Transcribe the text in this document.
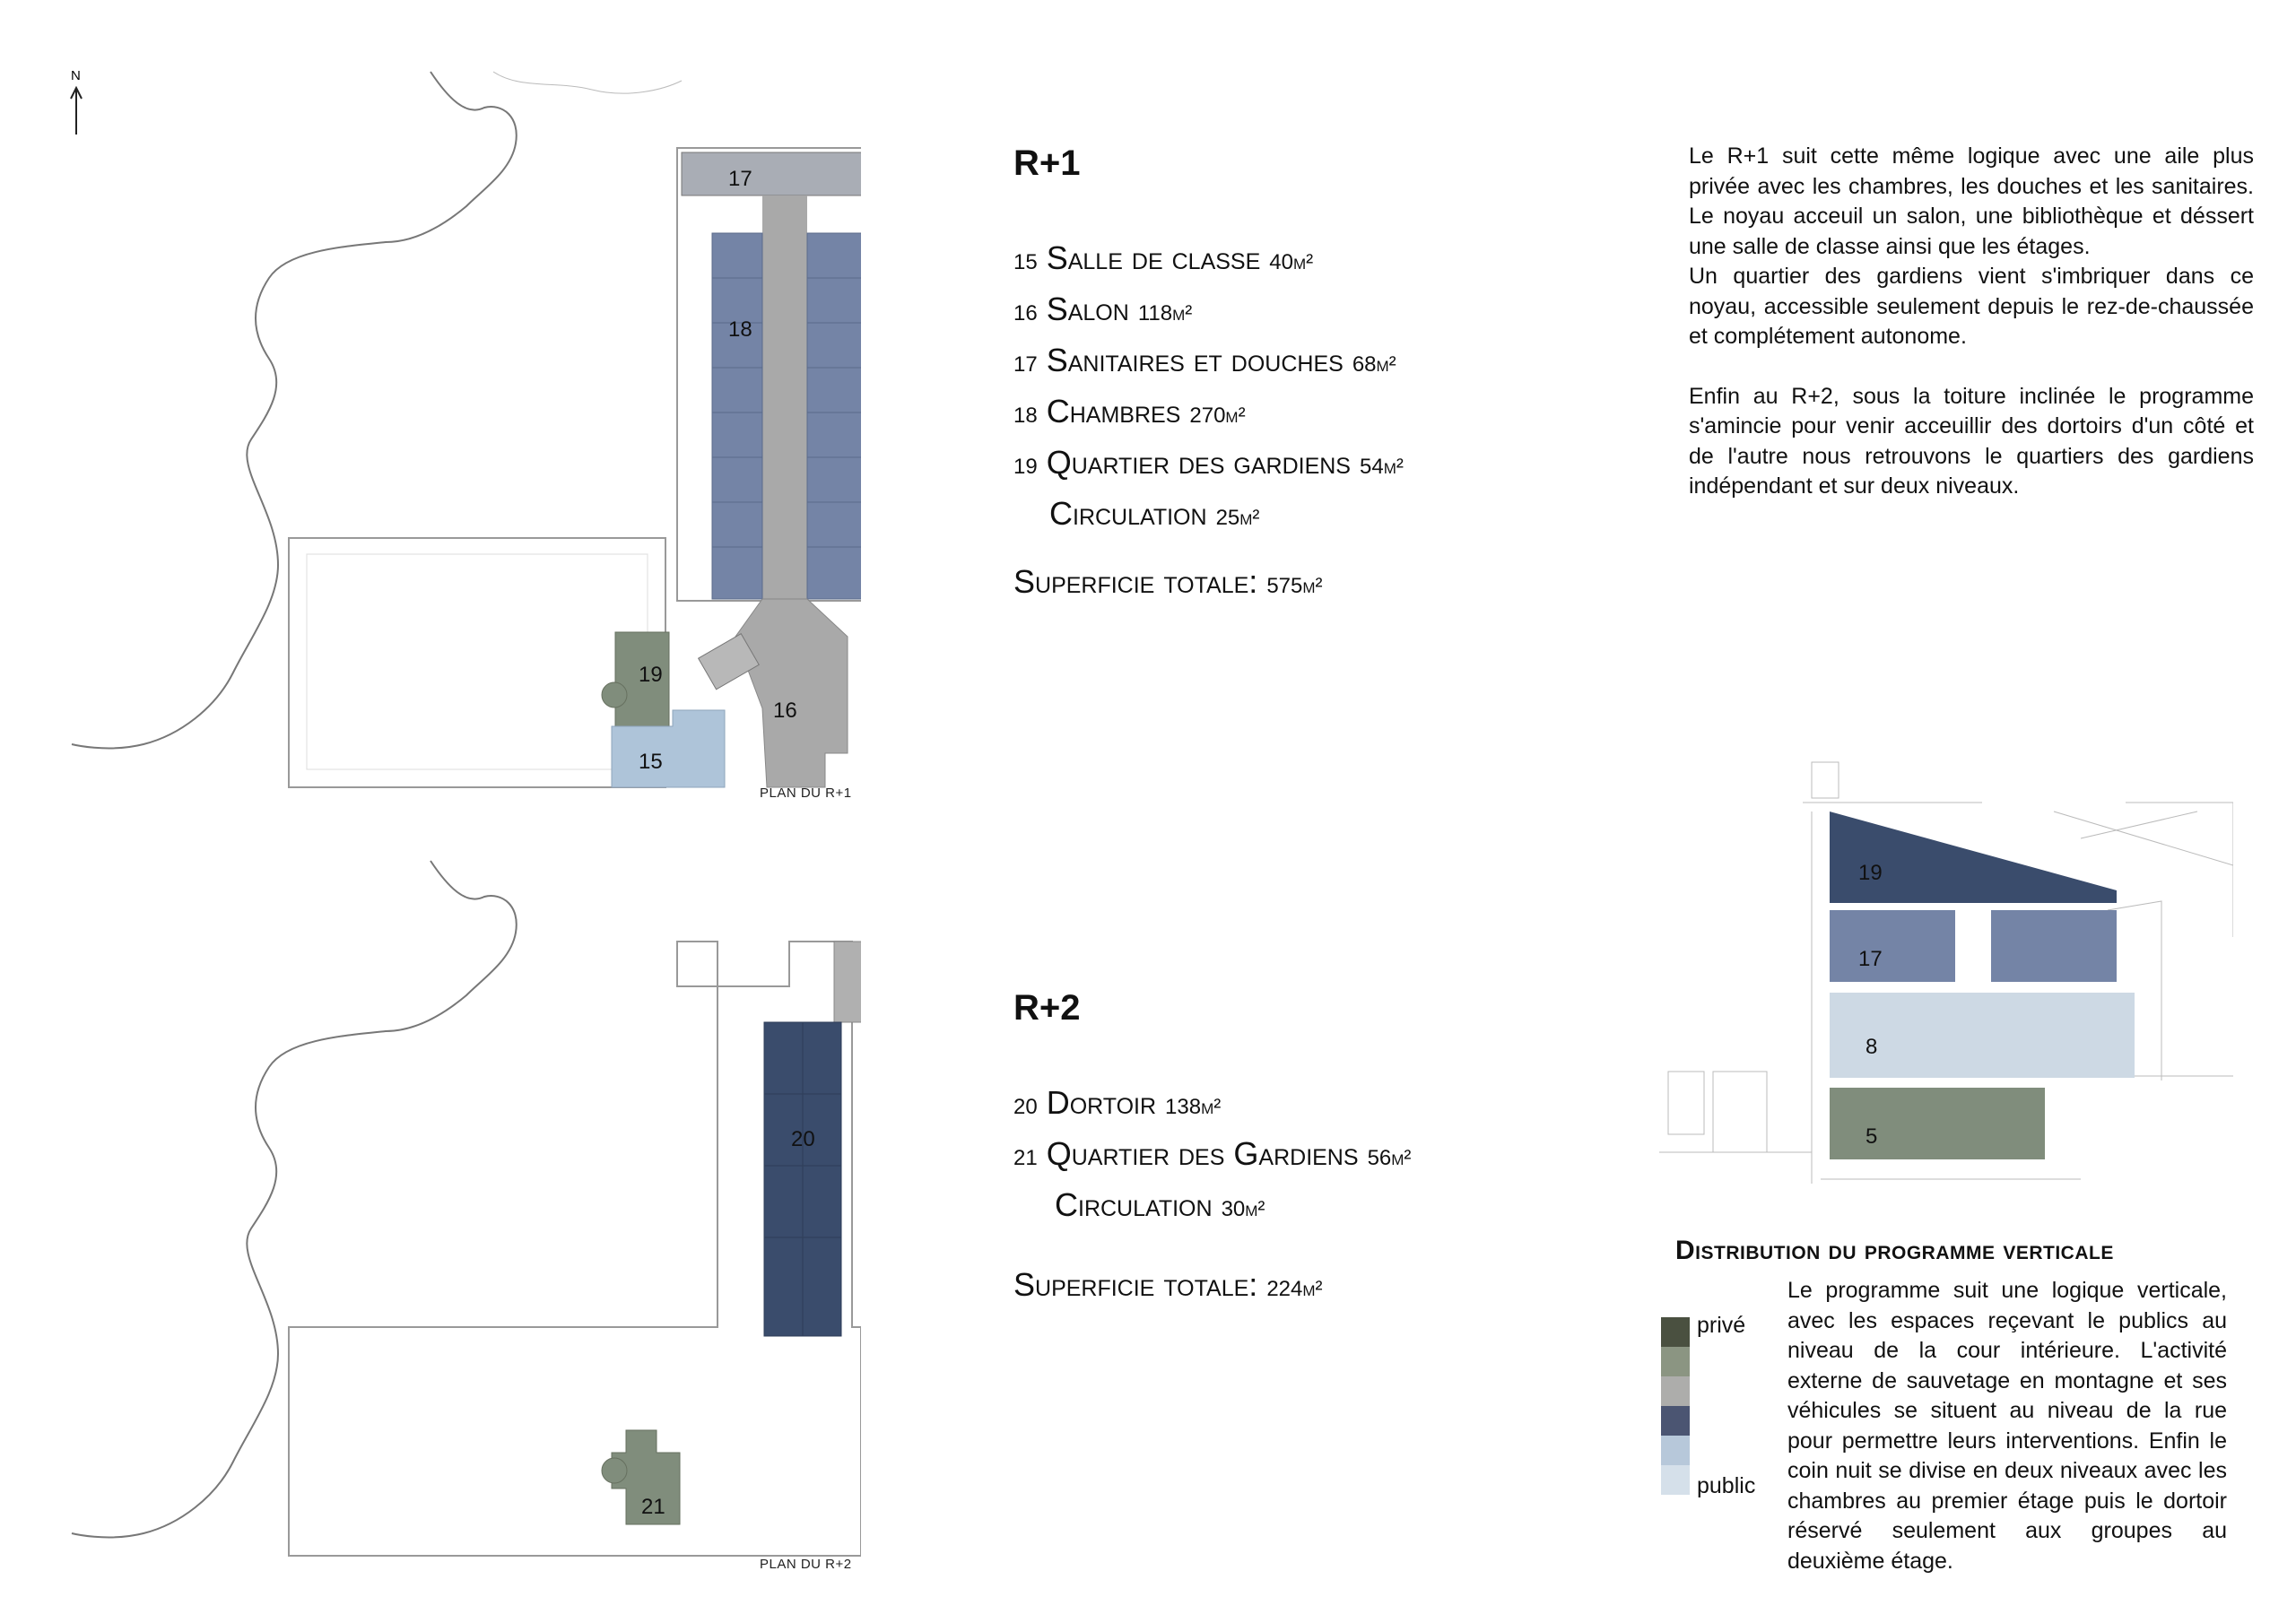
N
17
18
19
16
15
PLAN DU R+1
20
21
PLAN DU R+2
R+1
15 Salle de classe 40m²
16 Salon 118m²
17 Sanitaires et douches 68m²
18 Chambres 270m²
19 Quartier des gardiens 54m²
Circulation 25m²
Superficie totale: 575m²
R+2
20 Dortoir 138m²
21 Quartier des Gardiens 56m²
Circulation 30m²
Superficie totale: 224m²
Le R+1 suit cette même logique avec une aile plus privée avec les chambres, les douches et les sanitaires. Le noyau acceuil un salon, une bibliothèque et déssert une salle de classe ainsi que les étages.
Un quartier des gardiens vient s'imbriquer dans ce noyau, accessible seulement depuis le rez-de-chaussée et complétement autonome.
Enfin au R+2, sous la toiture inclinée le programme s'amincie pour venir acceuillir des dortoirs d'un côté et de l'autre nous retrouvons le quartiers des gardiens indépendant et sur deux niveaux.
19
17
8
5
Distribution du programme verticale
privé
public
Le programme suit une logique verticale, avec les espaces reçevant le publics au niveau de la cour intérieure. L'activité externe de sauvetage en montagne et ses véhicules se situent au niveau de la rue pour permettre leurs interventions. Enfin le coin nuit se divise en deux niveaux avec les chambres au premier étage puis le dortoir réservé seulement aux groupes au deuxième étage.
